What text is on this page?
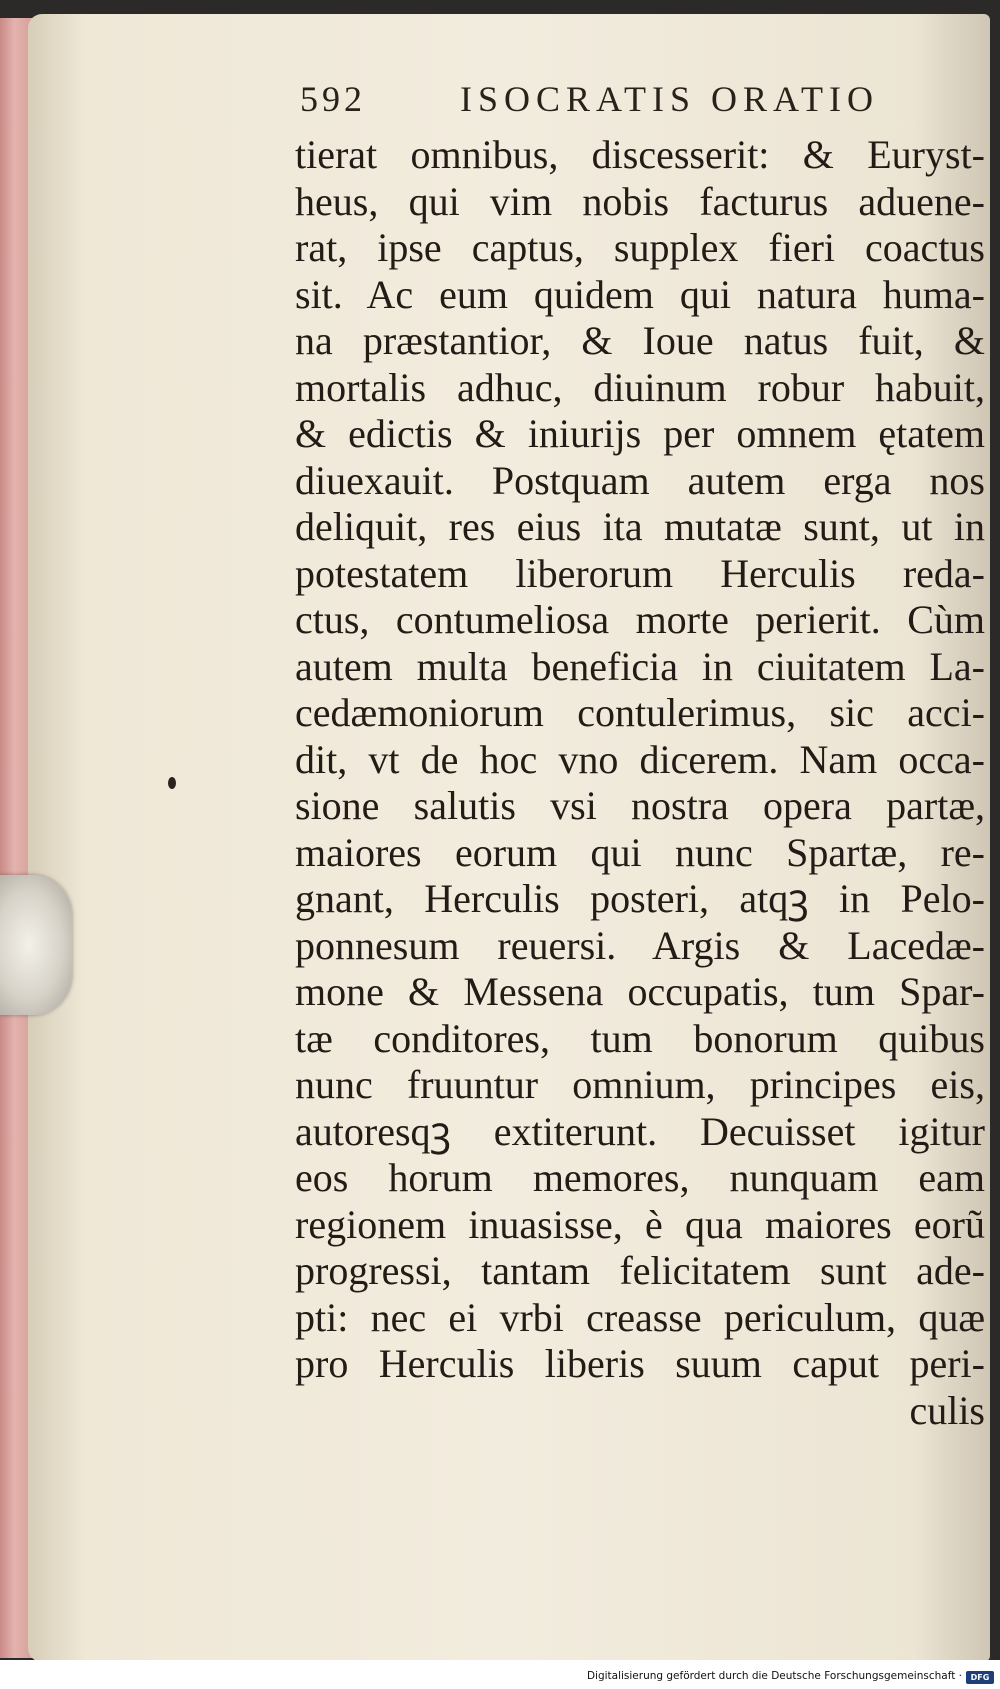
592	ISOCRATIS ORATIO
tierat omnibus, discesserit: & Euryst-
heus, qui vim nobis facturus aduene-
rat, ipse captus, supplex fieri coactus
sit. Ac eum quidem qui natura huma-
na præstantior, & Ioue natus fuit, &
mortalis adhuc, diuinum robur habuit,
& edictis & iniurijs per omnem ętatem
diuexauit. Postquam autem erga nos
deliquit, res eius ita mutatæ sunt, ut in
potestatem liberorum Herculis reda-
ctus, contumeliosa morte perierit. Cùm
autem multa beneficia in ciuitatem La-
cedæmoniorum contulerimus, sic acci-
dit, vt de hoc vno dicerem. Nam occa-
sione salutis vsi nostra opera partæ,
maiores eorum qui nunc Spartæ, re-
gnant, Herculis posteri, atqꝫ in Pelo-
ponnesum reuersi. Argis & Lacedæ-
mone & Messena occupatis, tum Spar-
tæ conditores, tum bonorum quibus
nunc fruuntur omnium, principes eis,
autoresqꝫ extiterunt. Decuisset igitur
eos horum memores, nunquam eam
regionem inuasisse, è qua maiores eorũ
progressi, tantam felicitatem sunt ade-
pti: nec ei vrbi creasse periculum, quæ
pro Herculis liberis suum caput peri-
culis
Digitalisierung gefördert durch die Deutsche Forschungsgemeinschaft ·	DFG
